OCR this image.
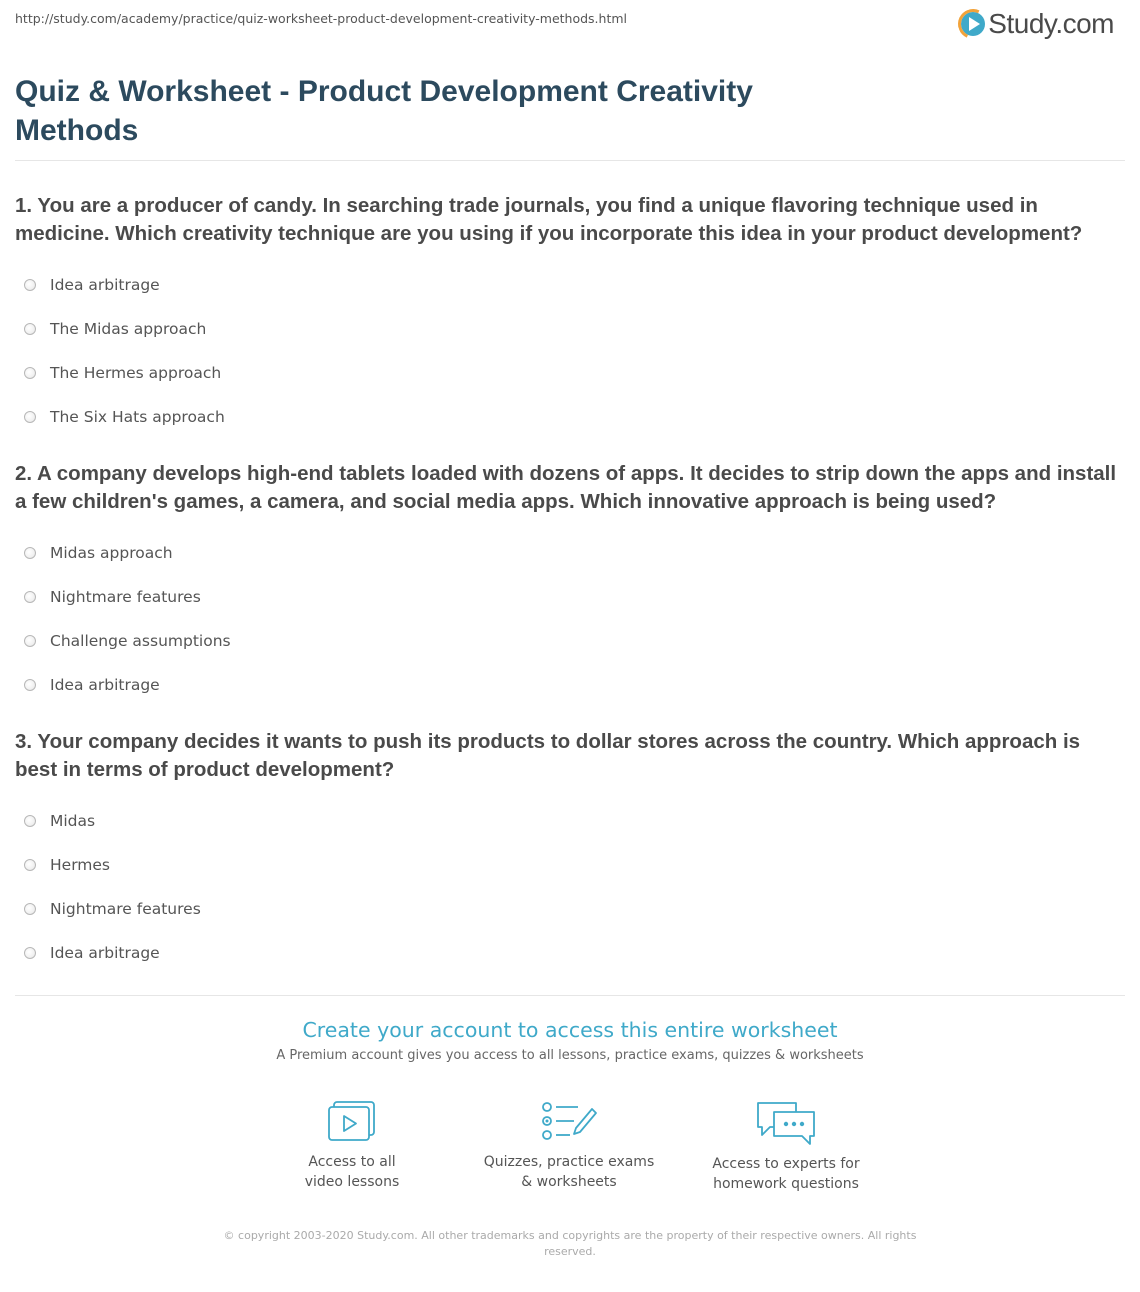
http://study.com/academy/practice/quiz-worksheet-product-development-creativity-methods.html	Study.com
Quiz & Worksheet - Product Development Creativity Methods
1. You are a producer of candy. In searching trade journals, you find a unique flavoring technique used in medicine. Which creativity technique are you using if you incorporate this idea in your product development?
Idea arbitrage
The Midas approach
The Hermes approach
The Six Hats approach
2. A company develops high-end tablets loaded with dozens of apps. It decides to strip down the apps and install a few children's games, a camera, and social media apps. Which innovative approach is being used?
Midas approach
Nightmare features
Challenge assumptions
Idea arbitrage
3. Your company decides it wants to push its products to dollar stores across the country. Which approach is best in terms of product development?
Midas
Hermes
Nightmare features
Idea arbitrage
Create your account to access this entire worksheet
A Premium account gives you access to all lessons, practice exams, quizzes & worksheets
Access to all
video lessons
Quizzes, practice exams
& worksheets
Access to experts for
homework questions
© copyright 2003-2020 Study.com. All other trademarks and copyrights are the property of their respective owners. All rights reserved.
